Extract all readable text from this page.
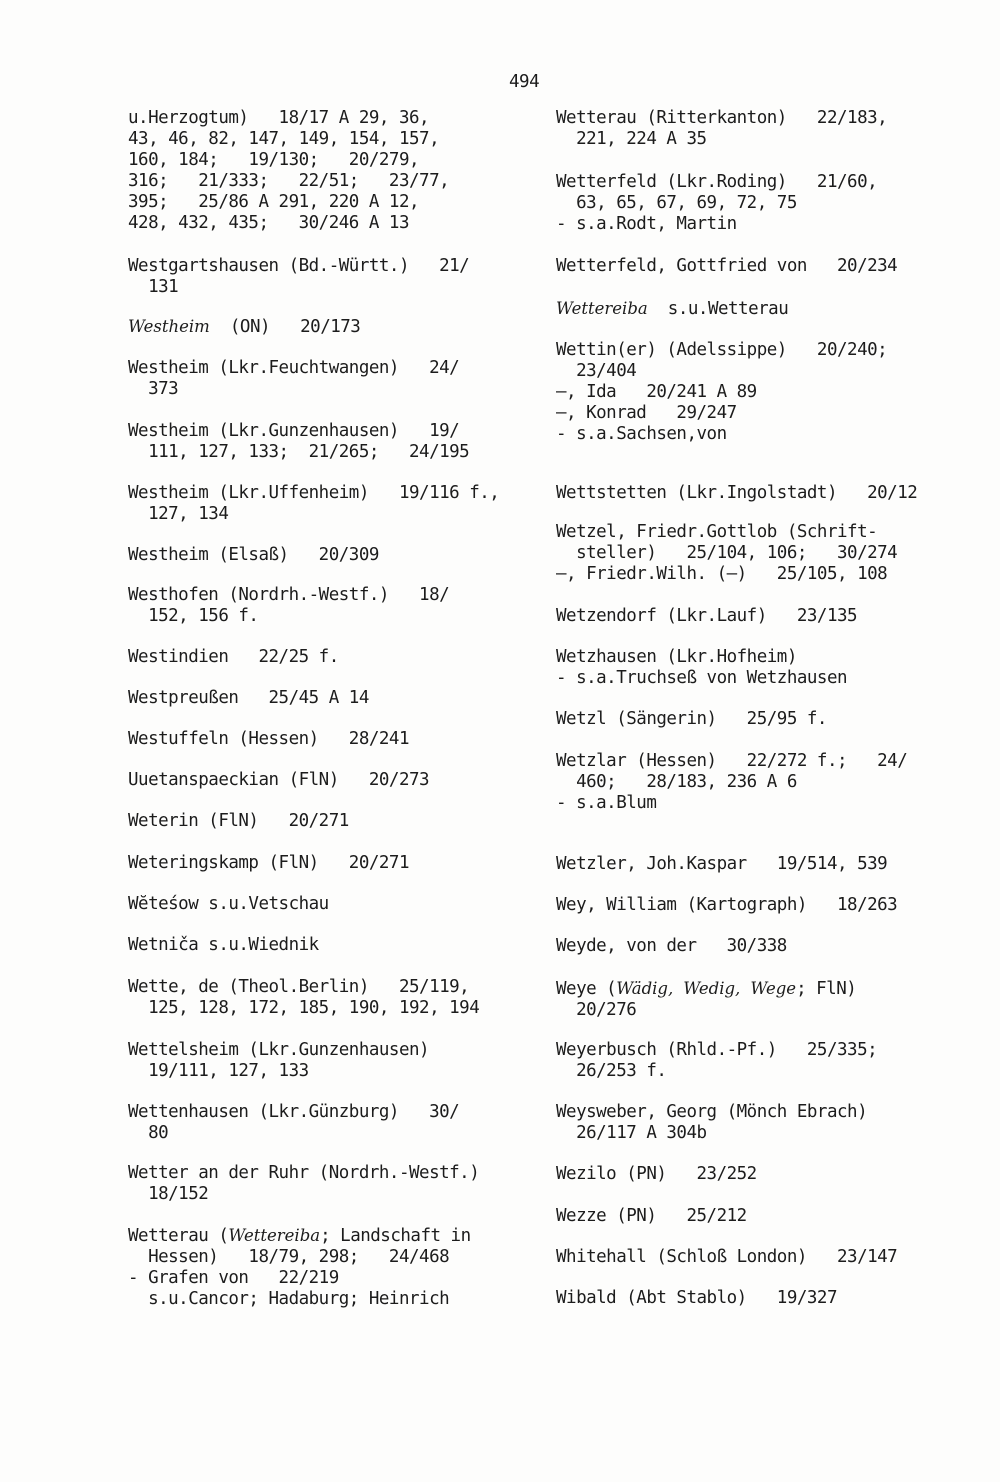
494
u.Herzogtum)   18/17 A 29, 36,
43, 46, 82, 147, 149, 154, 157,
160, 184;   19/130;   20/279,
316;   21/333;   22/51;   23/77,
395;   25/86 A 291, 220 A 12,
428, 432, 435;   30/246 A 13
Westgartshausen (Bd.-Württ.)   21/
131
Westheim  (ON)   20/173
Westheim (Lkr.Feuchtwangen)   24/
373
Westheim (Lkr.Gunzenhausen)   19/
111, 127, 133;  21/265;   24/195
Westheim (Lkr.Uffenheim)   19/116 f.,
127, 134
Westheim (Elsaß)   20/309
Westhofen (Nordrh.-Westf.)   18/
152, 156 f.
Westindien   22/25 f.
Westpreußen   25/45 A 14
Westuffeln (Hessen)   28/241
Uuetanspaeckian (FlN)   20/273
Weterin (FlN)   20/271
Weteringskamp (FlN)   20/271
Wĕteśow s.u.Vetschau
Wetniča s.u.Wiednik
Wette, de (Theol.Berlin)   25/119,
125, 128, 172, 185, 190, 192, 194
Wettelsheim (Lkr.Gunzenhausen)
19/111, 127, 133
Wettenhausen (Lkr.Günzburg)   30/
80
Wetter an der Ruhr (Nordrh.-Westf.)
18/152
Wetterau (Wettereiba; Landschaft in
Hessen)   18/79, 298;   24/468
- Grafen von   22/219
s.u.Cancor; Hadaburg; Heinrich
Wetterau (Ritterkanton)   22/183,
221, 224 A 35
Wetterfeld (Lkr.Roding)   21/60,
63, 65, 67, 69, 72, 75
- s.a.Rodt, Martin
Wetterfeld, Gottfried von   20/234
Wettereiba  s.u.Wetterau
Wettin(er) (Adelssippe)   20/240;
23/404
—, Ida   20/241 A 89
—, Konrad   29/247
- s.a.Sachsen,von
Wettstetten (Lkr.Ingolstadt)   20/12
Wetzel, Friedr.Gottlob (Schrift-
steller)   25/104, 106;   30/274
—, Friedr.Wilh. (—)   25/105, 108
Wetzendorf (Lkr.Lauf)   23/135
Wetzhausen (Lkr.Hofheim)
- s.a.Truchseß von Wetzhausen
Wetzl (Sängerin)   25/95 f.
Wetzlar (Hessen)   22/272 f.;   24/
460;   28/183, 236 A 6
- s.a.Blum
Wetzler, Joh.Kaspar   19/514, 539
Wey, William (Kartograph)   18/263
Weyde, von der   30/338
Weye (Wädig, Wedig, Wege; FlN)
20/276
Weyerbusch (Rhld.-Pf.)   25/335;
26/253 f.
Weysweber, Georg (Mönch Ebrach)
26/117 A 304b
Wezilo (PN)   23/252
Wezze (PN)   25/212
Whitehall (Schloß London)   23/147
Wibald (Abt Stablo)   19/327
